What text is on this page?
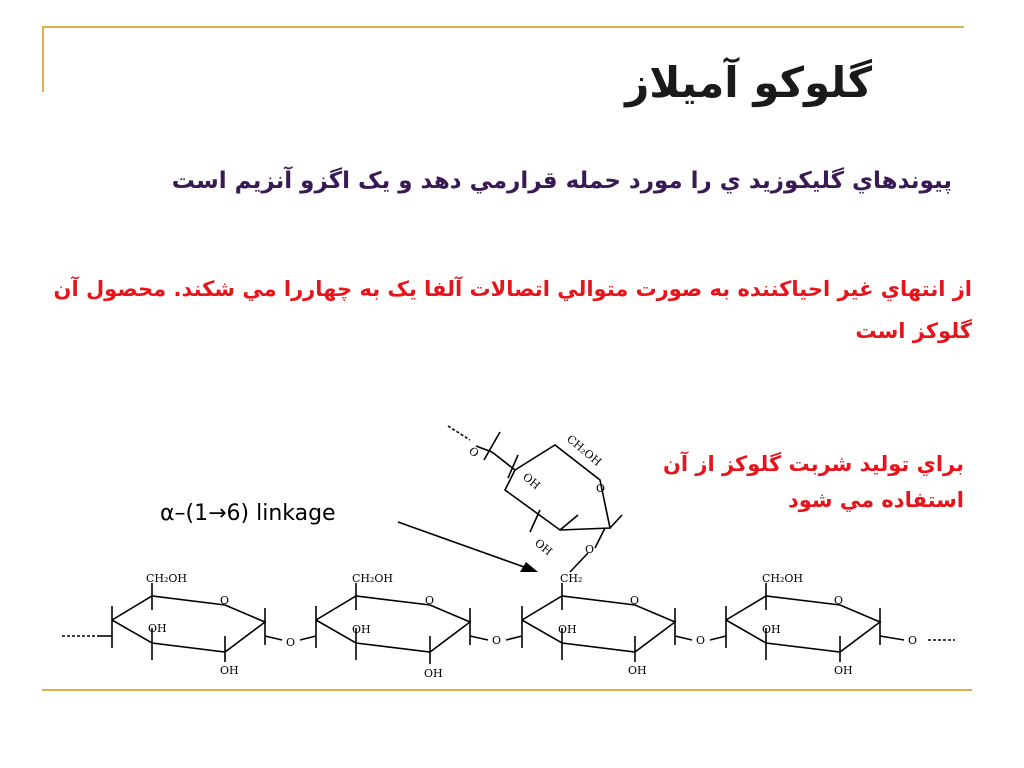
گلوکو آميلاز
پيوندهاي گليکوزيد ي را مورد حمله قرارمي دهد و يک اگزو آنزيم است
از انتهاي غير احياکننده به صورت متوالي اتصالات آلفا يک به چهاررا مي شکند. محصول آن گلوکز است
براي توليد شربت گلوکز از آن استفاده مي شود
α–(1→6) linkage
CH₂OH
O
OH
OH
O
CH₂OH
O
OH
OH
O
CH₂
O
OH
OH
O
CH₂OH
O
OH
OH
O
O	CH₂OH
O
OH
OH	O
